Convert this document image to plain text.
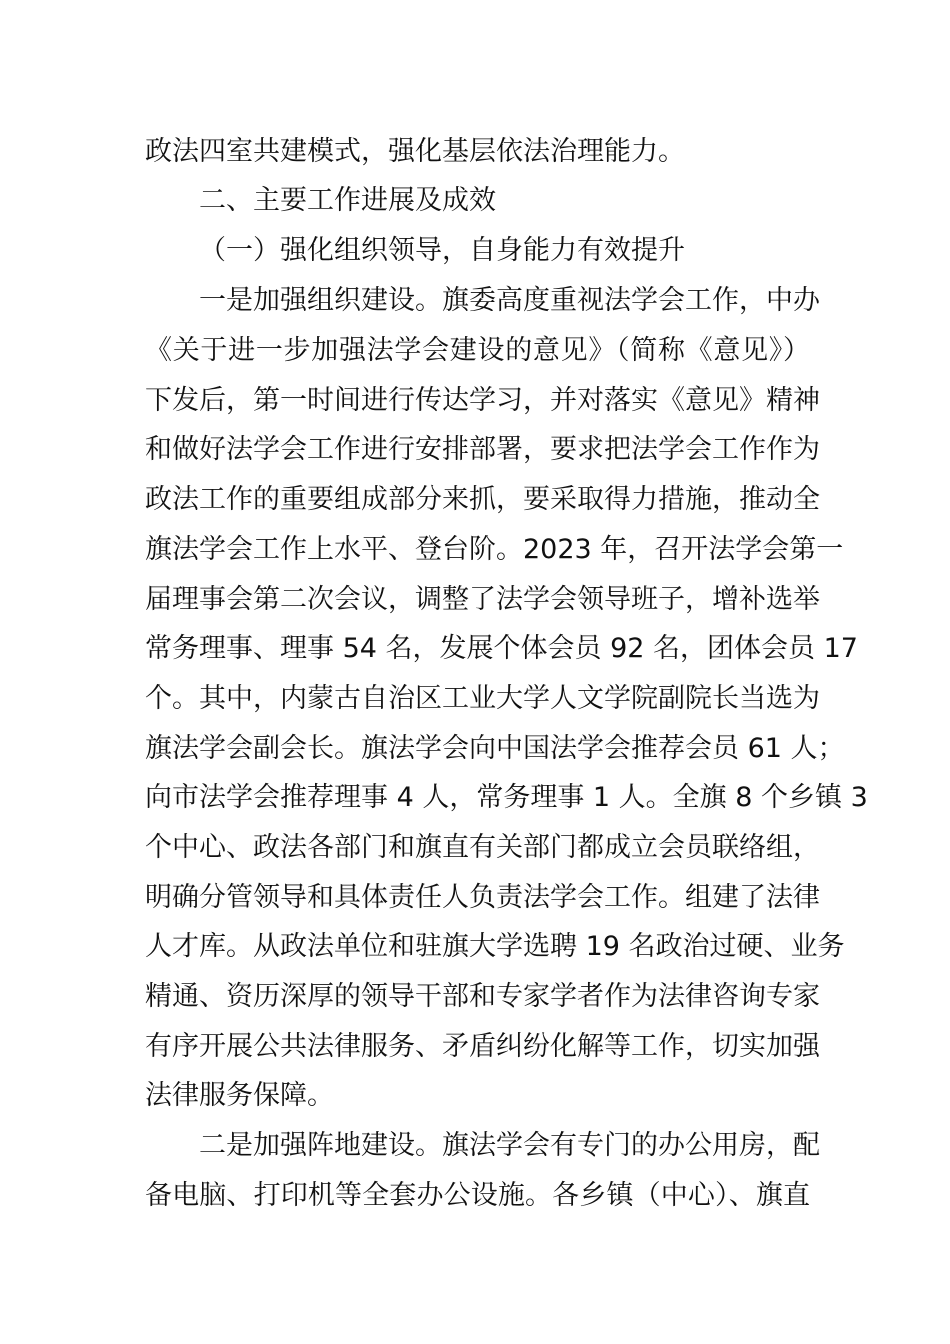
政法四室共建模式，强化基层依法治理能力。
二、主要工作进展及成效
（一）强化组织领导，自身能力有效提升
一是加强组织建设。旗委高度重视法学会工作，中办
《关于进一步加强法学会建设的意见》（简称《意见》）
下发后，第一时间进行传达学习，并对落实《意见》精神
和做好法学会工作进行安排部署，要求把法学会工作作为
政法工作的重要组成部分来抓，要采取得力措施，推动全
旗法学会工作上水平、登台阶。2023 年，召开法学会第一
届理事会第二次会议，调整了法学会领导班子，增补选举
常务理事、理事 54 名，发展个体会员 92 名，团体会员 17
个。其中，内蒙古自治区工业大学人文学院副院长当选为
旗法学会副会长。旗法学会向中国法学会推荐会员 61 人；
向市法学会推荐理事 4 人，常务理事 1 人。全旗 8 个乡镇 3
个中心、政法各部门和旗直有关部门都成立会员联络组，
明确分管领导和具体责任人负责法学会工作。组建了法律
人才库。从政法单位和驻旗大学选聘 19 名政治过硬、业务
精通、资历深厚的领导干部和专家学者作为法律咨询专家
有序开展公共法律服务、矛盾纠纷化解等工作，切实加强
法律服务保障。
二是加强阵地建设。旗法学会有专门的办公用房，配
备电脑、打印机等全套办公设施。各乡镇（中心）、旗直
